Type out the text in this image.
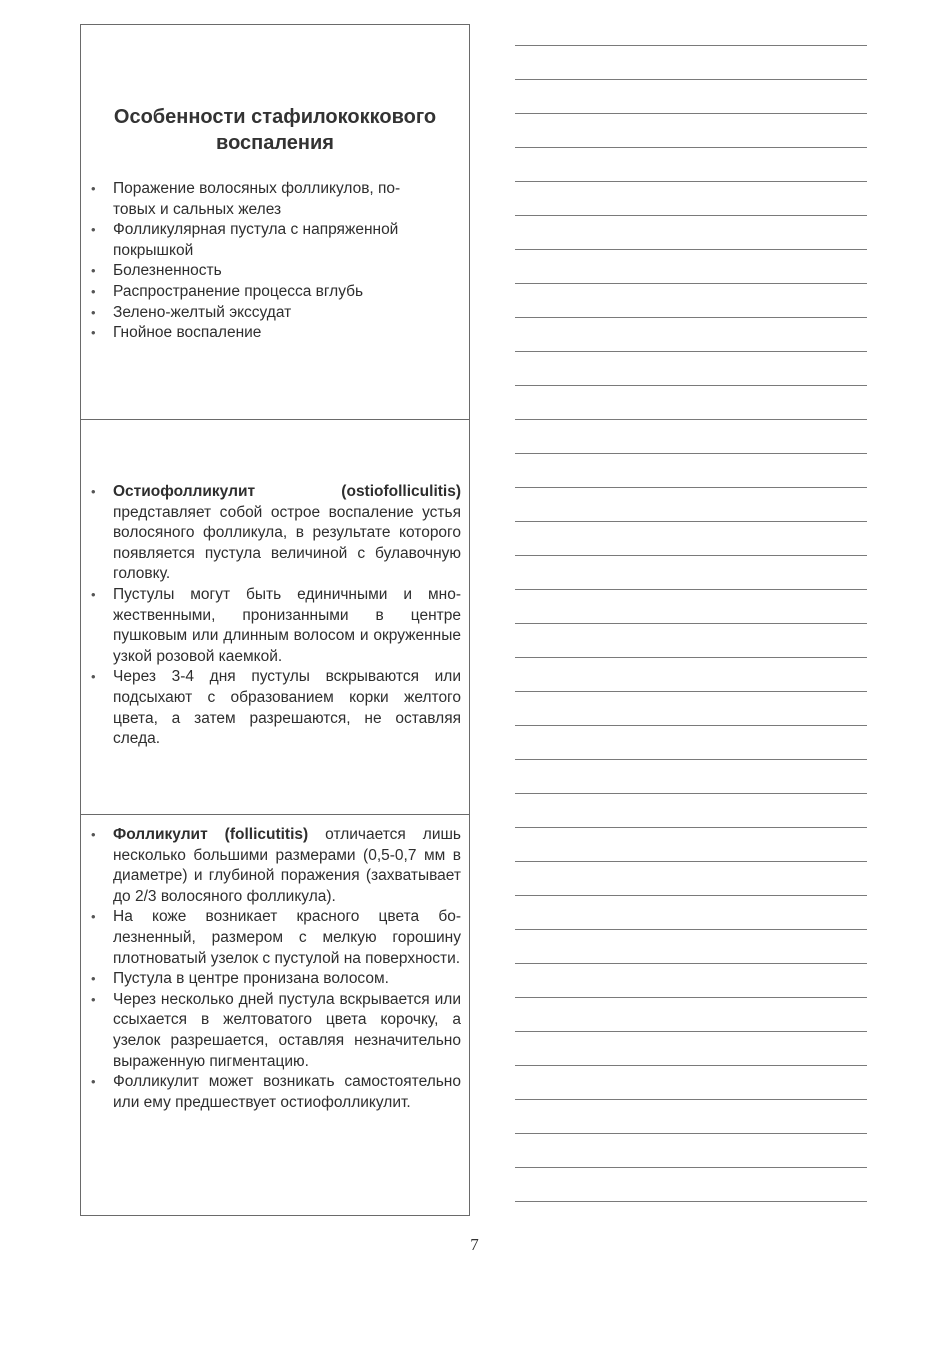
Особенности стафилококкового воспаления
• Поражение волосяных фолликулов, по-
товых и сальных желез
• Фолликулярная пустула с напряженной
покрышкой
• Болезненность
• Распространение процесса вглубь
• Зелено-желтый экссудат
• Гнойное воспаление
• Остиофолликулит (ostiofolliculitis) представляет собой острое воспаление устья волосяного фолликула, в результате которого появляется пустула величиной с булавочную головку.
• Пустулы могут быть единичными и множественными, пронизанными в центре пушковым или длинным волосом и окруженные узкой розовой каемкой.
• Через 3-4 дня пустулы вскрываются или подсыхают с образованием корки желтого цвета, а затем разрешаются, не оставляя следа.
• Фолликулит (follicutitis) отличается лишь несколько большими размерами (0,5-0,7 мм в диаметре) и глубиной поражения (захватывает до 2/3 волосяного фолликула).
• На коже возникает красного цвета болезненный, размером с мелкую горошину плотноватый узелок с пустулой на поверхности.
• Пустула в центре пронизана волосом.
• Через несколько дней пустула вскрывается или ссыхается в желтоватого цвета корочку, а узелок разрешается, оставляя незначительно выраженную пигментацию.
• Фолликулит может возникать самостоятельно или ему предшествует остиофолликулит.
7
